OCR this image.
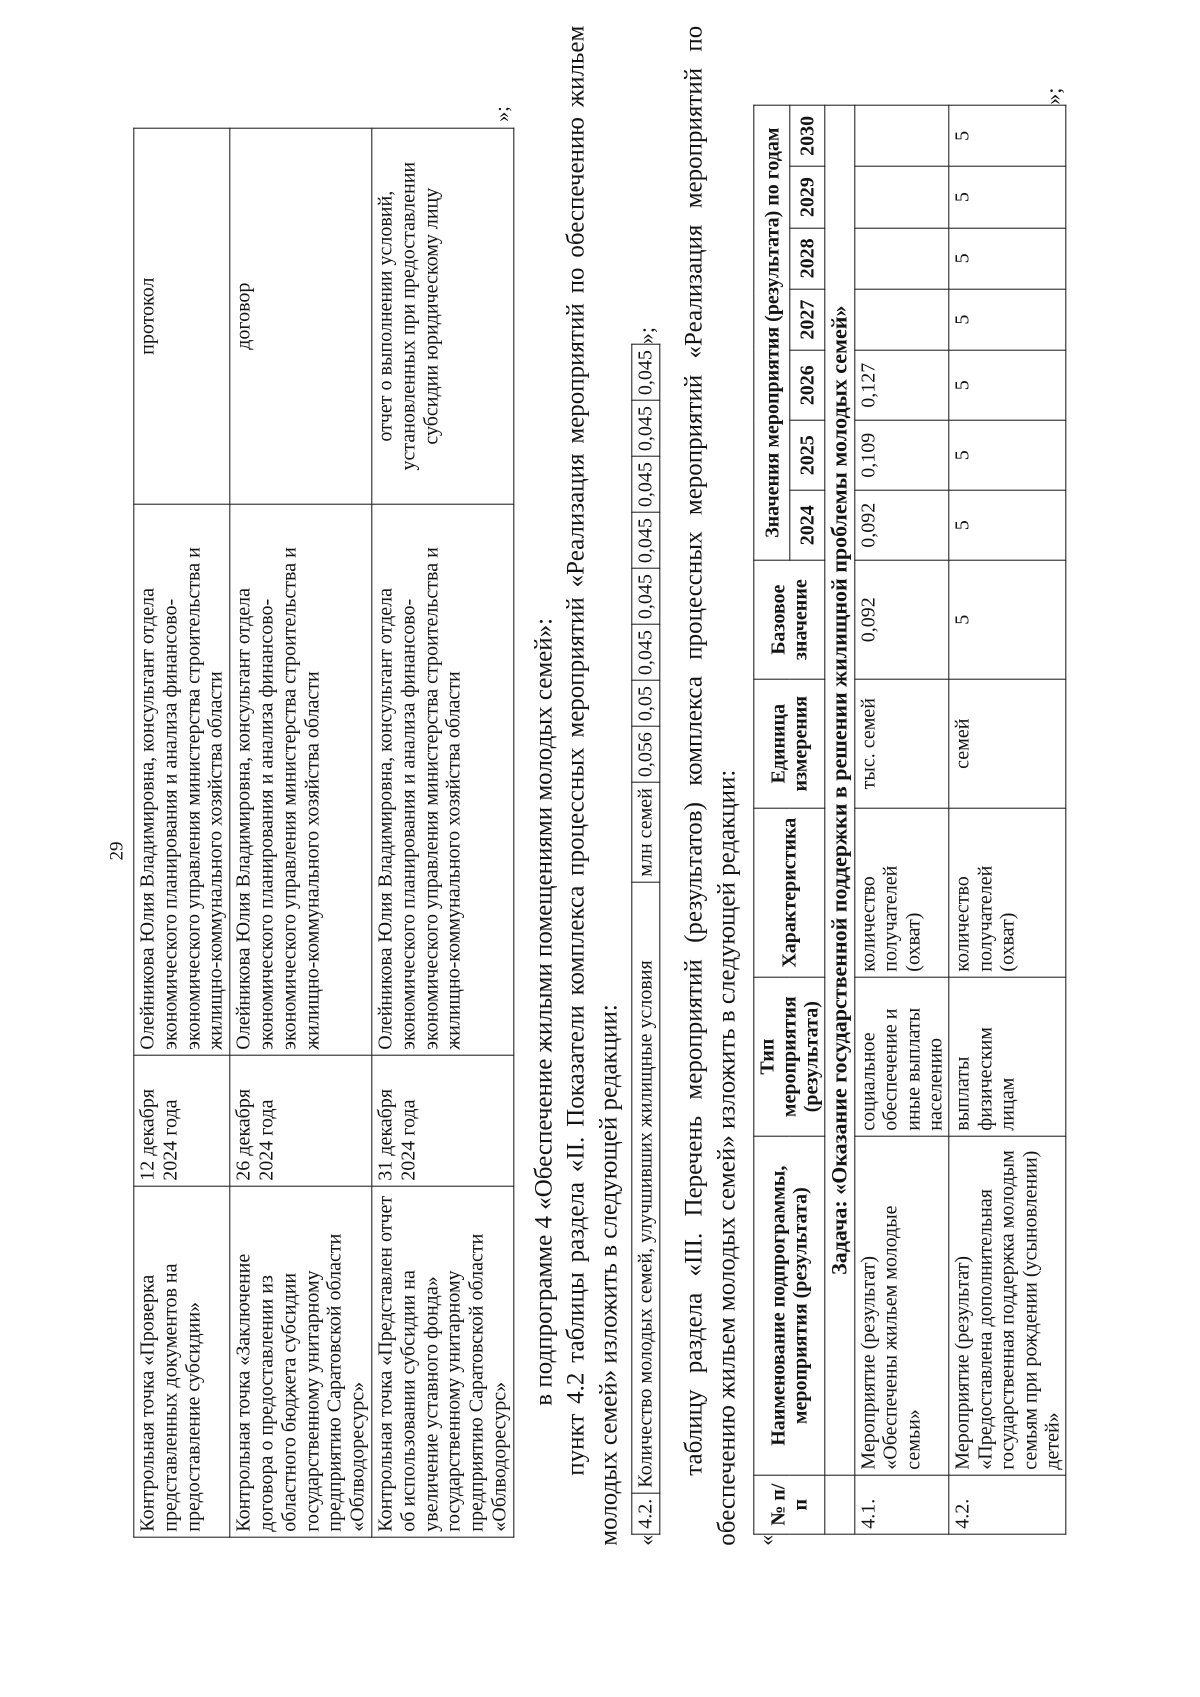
29
Контрольная точка «Проверка представленных документов на предоставление субсидии»	12 декабря 2024 года	Олейникова Юлия Владимировна, консультант отдела экономического планирования и анализа финансово-экономического управления министерства строительства и жилищно-коммунального хозяйства области	протокол
Контрольная точка «Заключение договора о предоставлении из областного бюджета субсидии государственному унитарному предприятию Саратовской области «Облводоресурс»	26 декабря 2024 года	Олейникова Юлия Владимировна, консультант отдела экономического планирования и анализа финансово-экономического управления министерства строительства и жилищно-коммунального хозяйства области	договор
Контрольная точка «Представлен отчет об использовании субсидии на увеличение уставного фонда» государственному унитарному предприятию Саратовской области «Облводоресурс»	31 декабря 2024 года	Олейникова Юлия Владимировна, консультант отдела экономического планирования и анализа финансово-экономического управления министерства строительства и жилищно-коммунального хозяйства области	отчет о выполнении условий, установленных при предоставлении субсидии юридическому лицу
»;

в подпрограмме 4 «Обеспечение жилыми помещениями молодых семей»: пункт 4.2 таблицы раздела «II. Показатели комплекса процессных мероприятий «Реализация мероприятий по обеспечению жильем молодых семей» изложить в следующей редакции: «
4.2.	Количество молодых семей, улучшивших жилищные условия	млн семей	0,056	0,05	0,045	0,045	0,045	0,045	0,045	0,045
»; таблицу раздела «III. Перечень мероприятий (результатов) комплекса процессных мероприятий «Реализация мероприятий по обеспечению жильем молодых семей» изложить в следующей редакции: «
№ п/п	Наименование подпрограммы, мероприятия (результата)	Тип мероприятия (результата)	Характеристика	Единица измерения	Базовое значение	Значения мероприятия (результата) по годам						
						2024	2025	2026	2027	2028	2029	2030
	Задача: «Оказание государственной поддержки в решении жилищной проблемы молодых семей»											
4.1.	Мероприятие (результат) «Обеспечены жильем молодые семьи»	социальное обеспечение и иные выплаты населению	количество получателей (охват)	тыс. семей	0,092	0,092	0,109	0,127				
4.2.	Мероприятие (результат) «Предоставлена дополнительная государственная поддержка молодым семьям при рождении (усыновлении) детей»	выплаты физическим лицам	количество получателей (охват)	семей	5	5	5	5	5	5	5	5
»;
